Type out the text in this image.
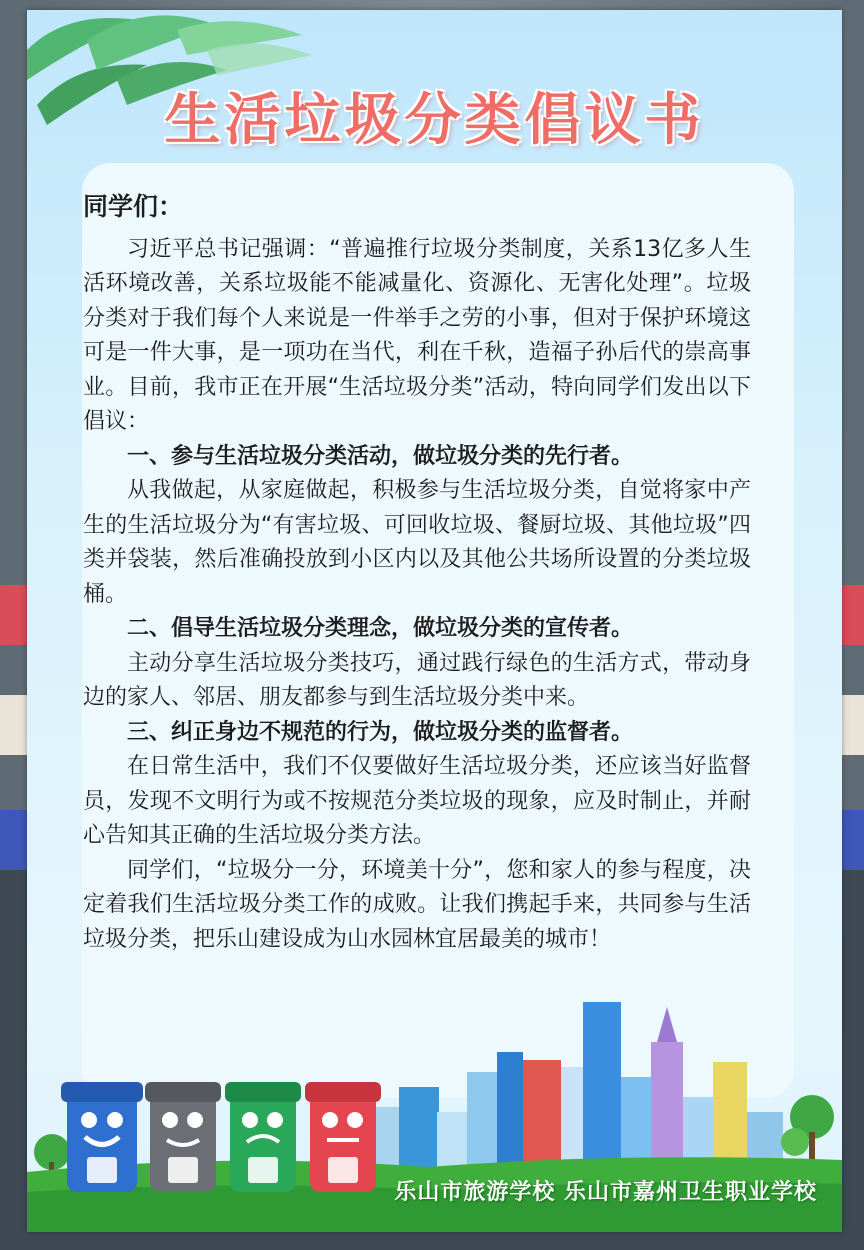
生活垃圾分类倡议书
乐山市旅游学校 乐山市嘉州卫生职业学校
同学们：

习近平总书记强调：“普遍推行垃圾分类制度，关系13亿多人生活环境改善，关系垃圾能不能减量化、资源化、无害化处理”。垃圾分类对于我们每个人来说是一件举手之劳的小事，但对于保护环境这可是一件大事，是一项功在当代，利在千秋，造福子孙后代的崇高事业。目前，我市正在开展“生活垃圾分类”活动，特向同学们发出以下倡议：

一、参与生活垃圾分类活动，做垃圾分类的先行者。

从我做起，从家庭做起，积极参与生活垃圾分类，自觉将家中产生的生活垃圾分为“有害垃圾、可回收垃圾、餐厨垃圾、其他垃圾”四类并袋装，然后准确投放到小区内以及其他公共场所设置的分类垃圾桶。

二、倡导生活垃圾分类理念，做垃圾分类的宣传者。

主动分享生活垃圾分类技巧，通过践行绿色的生活方式，带动身边的家人、邻居、朋友都参与到生活垃圾分类中来。

三、纠正身边不规范的行为，做垃圾分类的监督者。

在日常生活中，我们不仅要做好生活垃圾分类，还应该当好监督员，发现不文明行为或不按规范分类垃圾的现象，应及时制止，并耐心告知其正确的生活垃圾分类方法。

同学们，“垃圾分一分，环境美十分”，您和家人的参与程度，决定着我们生活垃圾分类工作的成败。让我们携起手来，共同参与生活垃圾分类，把乐山建设成为山水园林宜居最美的城市！
